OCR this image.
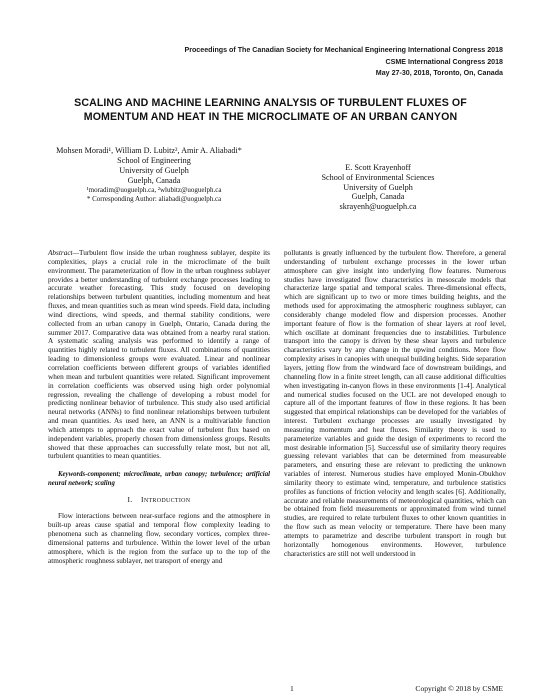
Proceedings of The Canadian Society for Mechanical Engineering International Congress 2018
CSME International Congress 2018
May 27-30, 2018, Toronto, On, Canada
SCALING AND MACHINE LEARNING ANALYSIS OF TURBULENT FLUXES OF
MOMENTUM AND HEAT IN THE MICROCLIMATE OF AN URBAN CANYON
Mohsen Moradi¹, William D. Lubitz², Amir A. Aliabadi*
School of Engineering
University of Guelph
Guelph, Canada
¹moradim@uoguelph.ca, ²wlubitz@uoguelph.ca
* Corresponding Author: aliabadi@uoguelph.ca
E. Scott Krayenhoff
School of Environmental Sciences
University of Guelph
Guelph, Canada
skrayenh@uoguelph.ca

Abstract—Turbulent flow inside the urban roughness sublayer, despite its complexities, plays a crucial role in the microclimate of the built environment. The parameterization of flow in the urban roughness sublayer provides a better understanding of turbulent exchange processes leading to accurate weather forecasting. This study focused on developing relationships between turbulent quantities, including momentum and heat fluxes, and mean quantities such as mean wind speeds. Field data, including wind directions, wind speeds, and thermal stability conditions, were collected from an urban canopy in Guelph, Ontario, Canada during the summer 2017. Comparative data was obtained from a nearby rural station. A systematic scaling analysis was performed to identify a range of quantities highly related to turbulent fluxes. All combinations of quantities leading to dimensionless groups were evaluated. Linear and nonlinear correlation coefficients between different groups of variables identified when mean and turbulent quantities were related. Significant improvement in correlation coefficients was observed using high order polynomial regression, revealing the challenge of developing a robust model for predicting nonlinear behavior of turbulence. This study also used artificial neural networks (ANNs) to find nonlinear relationships between turbulent and mean quantities. As used here, an ANN is a multivariable function which attempts to approach the exact value of turbulent flux based on independent variables, properly chosen from dimensionless groups. Results showed that these approaches can successfully relate most, but not all, turbulent quantities to mean quantities.

Keywords-component; microclimate, urban canopy; turbulence; artificial neural network; scaling

I. INTRODUCTION

Flow interactions between near-surface regions and the atmosphere in built-up areas cause spatial and temporal flow complexity leading to phenomena such as channeling flow, secondary vortices, complex three-dimensional patterns and turbulence. Within the lower level of the urban atmosphere, which is the region from the surface up to the top of the atmospheric roughness sublayer, net transport of energy and

pollutants is greatly influenced by the turbulent flow. Therefore, a general understanding of turbulent exchange processes in the lower urban atmosphere can give insight into underlying flow features. Numerous studies have investigated flow characteristics in mesoscale models that characterize large spatial and temporal scales. Three-dimensional effects, which are significant up to two or more times building heights, and the methods used for approximating the atmospheric roughness sublayer, can considerably change modeled flow and dispersion processes. Another important feature of flow is the formation of shear layers at roof level, which oscillate at dominant frequencies due to instabilities. Turbulence transport into the canopy is driven by these shear layers and turbulence characteristics vary by any change in the upwind conditions. More flow complexity arises in canopies with unequal building heights. Side separation layers, jetting flow from the windward face of downstream buildings, and channeling flow in a finite street length, can all cause additional difficulties when investigating in-canyon flows in these environments [1-4]. Analytical and numerical studies focused on the UCL are not developed enough to capture all of the important features of flow in these regions. It has been suggested that empirical relationships can be developed for the variables of interest. Turbulent exchange processes are usually investigated by measuring momentum and heat fluxes. Similarity theory is used to parameterize variables and guide the design of experiments to record the most desirable information [5]. Successful use of similarity theory requires guessing relevant variables that can be determined from measureable parameters, and ensuring these are relevant to predicting the unknown variables of interest. Numerous studies have employed Monin-Obukhov similarity theory to estimate wind, temperature, and turbulence statistics profiles as functions of friction velocity and length scales [6]. Additionally, accurate and reliable measurements of meteorological quantities, which can be obtained from field measurements or approximated from wind tunnel studies, are required to relate turbulent fluxes to other known quantities in the flow such as mean velocity or temperature. There have been many attempts to parametrize and describe turbulent transport in rough but horizontally homogenous environments. However, turbulence characteristics are still not well understood in

1	Copyright © 2018 by CSME
